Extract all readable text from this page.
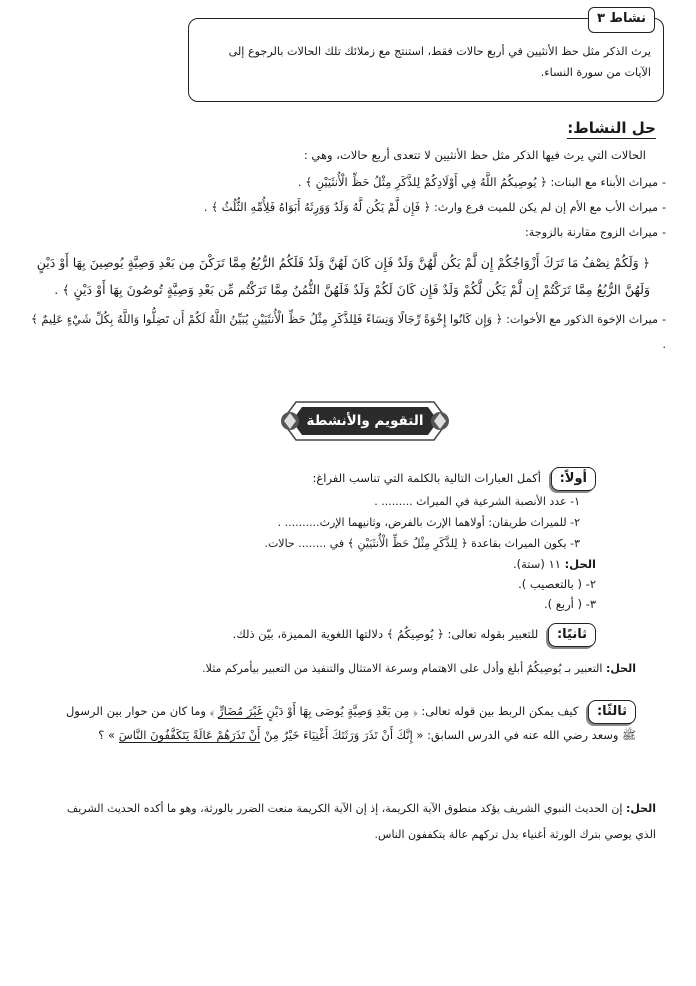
نشاط ٣
يرث الذكر مثل حظ الأنثيين في أربع حالات فقط، استنتج مع زملائك تلك الحالات بالرجوع إلى الآيات من سورة النساء.
حل النشاط:
الحالات التي يرث فيها الذكر مثل حظ الأنثيين لا تتعدى أربع حالات، وهي :
-ميراث الأبناء مع البنات: ﴿ يُوصِيكُمُ اللَّهُ فِي أَوْلَادِكُمْ لِلذَّكَرِ مِثْلُ حَظِّ الْأُنثَيَيْنِ ﴾ .
-ميراث الأب مع الأم إن لم يكن للميت فرع وارث: ﴿ فَإِن لَّمْ يَكُن لَّهُ وَلَدٌ وَوَرِثَهُ أَبَوَاهُ فَلِأُمِّهِ الثُّلُثُ ﴾ .
-ميراث الزوج مقارنة بالزوجة:
﴿ وَلَكُمْ نِصْفُ مَا تَرَكَ أَزْوَاجُكُمْ إِن لَّمْ يَكُن لَّهُنَّ وَلَدٌ فَإِن كَانَ لَهُنَّ وَلَدٌ فَلَكُمُ الرُّبُعُ مِمَّا تَرَكْنَ مِن بَعْدِ وَصِيَّةٍ يُوصِينَ بِهَا أَوْ دَيْنٍ وَلَهُنَّ الرُّبُعُ مِمَّا تَرَكْتُمْ إِن لَّمْ يَكُن لَّكُمْ وَلَدٌ فَإِن كَانَ لَكُمْ وَلَدٌ فَلَهُنَّ الثُّمُنُ مِمَّا تَرَكْتُم مِّن بَعْدِ وَصِيَّةٍ تُوصُونَ بِهَا أَوْ دَيْنٍ ﴾ .
-ميراث الإخوة الذكور مع الأخوات: ﴿ وَإِن كَانُوا إِخْوَةً رِّجَالًا وَنِسَاءً فَلِلذَّكَرِ مِثْلُ حَظِّ الْأُنثَيَيْنِ يُبَيِّنُ اللَّهُ لَكُمْ أَن تَضِلُّوا وَاللَّهُ بِكُلِّ شَيْءٍ عَلِيمٌ ﴾ .
التقويم والأنشطة
أولاً: أكمل العبارات التالية بالكلمة التي تناسب الفراغ:
١- عدد الأنصبة الشرعية في الميراث ......... .
٢- للميراث طريقان: أولاهما الإرث بالفرض، وثانيهما الإرث.......... .
٣- يكون الميراث بقاعدة ﴿ لِلذَّكَرِ مِثْلُ حَظِّ الْأُنثَيَيْنِ ﴾ في ........ حالات.
الحل: ١١ (ستة).
٢- ( بالتعصيب ).
٣- ( أربع ).
ثانيًا: للتعبير بقوله تعالى: ﴿ يُوصِيكُمُ ﴾ دلالتها اللغوية المميزة، بيّن ذلك.
الحل: التعبير بـ يُوصِيكُمُ أبلغ وأدل على الاهتمام وسرعة الامتثال والتنفيذ من التعبير بيأمركم مثلا.
ثالثًا: كيف يمكن الربط بين قوله تعالى: ﴿ مِن بَعْدِ وَصِيَّةٍ يُوصَى بِهَا أَوْ دَيْنٍ غَيْرَ مُضَارٍّ ﴾ وما كان من حوار بين الرسول ﷺ وسعد رضي الله عنه في الدرس السابق: « إِنَّكَ أَنْ تَذَرَ وَرَثَتَكَ أَغْنِيَاءَ خَيْرٌ مِنْ أَنْ تَذَرَهُمْ عَالَةً يَتَكَفَّفُونَ النَّاسَ » ؟
الحل: إن الحديث النبوي الشريف يؤكد منطوق الآية الكريمة، إذ إن الآية الكريمة منعت الضرر بالورثة، وهو ما أكده الحديث الشريف الذي يوصي بترك الورثة أغنياء بدل تركهم عالة يتكففون الناس.
